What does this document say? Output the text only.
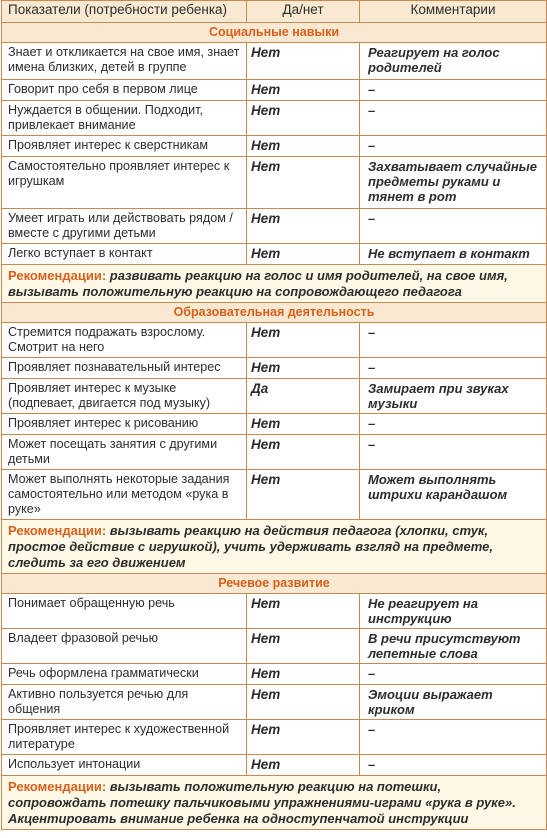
Показатели (потребности ребенка)	Да/нет	Комментарии
Социальные навыки		
Знает и откликается на свое имя, знает имена близких, детей в группе	Нет	Реагирует на голос родителей
Говорит про себя в первом лице	Нет	–
Нуждается в общении. Подходит, привлекает внимание	Нет	–
Проявляет интерес к сверстникам	Нет	–
Самостоятельно проявляет интерес к игрушкам	Нет	Захватывает случайные предметы руками и тянет в рот
Умеет играть или действовать рядом / вместе с другими детьми	Нет	–
Легко вступает в контакт	Нет	Не вступает в контакт
Рекомендации: развивать реакцию на голос и имя родителей, на свое имя, вызывать положительную реакцию на сопровождающего педагога		
Образовательная деятельность		
Стремится подражать взрослому. Смотрит на него	Нет	–
Проявляет познавательный интерес	Нет	–
Проявляет интерес к музыке (подпевает, двигается под музыку)	Да	Замирает при звуках музыки
Проявляет интерес к рисованию	Нет	–
Может посещать занятия с другими детьми	Нет	–
Может выполнять некоторые задания самостоятельно или методом «рука в руке»	Нет	Может выполнять штрихи карандашом
Рекомендации: вызывать реакцию на действия педагога (хлопки, стук, простое действие с игрушкой), учить удерживать взгляд на предмете, следить за его движением		
Речевое развитие		
Понимает обращенную речь	Нет	Не реагирует на инструкцию
Владеет фразовой речью	Нет	В речи присутствуют лепетные слова
Речь оформлена грамматически	Нет	–
Активно пользуется речью для общения	Нет	Эмоции выражает криком
Проявляет интерес к художественной литературе	Нет	–
Использует интонации	Нет	–
Рекомендации: вызывать положительную реакцию на потешки, сопровождать потешку пальчиковыми упражнениями-играми «рука в руке». Акцентировать внимание ребенка на одноступенчатой инструкции		
